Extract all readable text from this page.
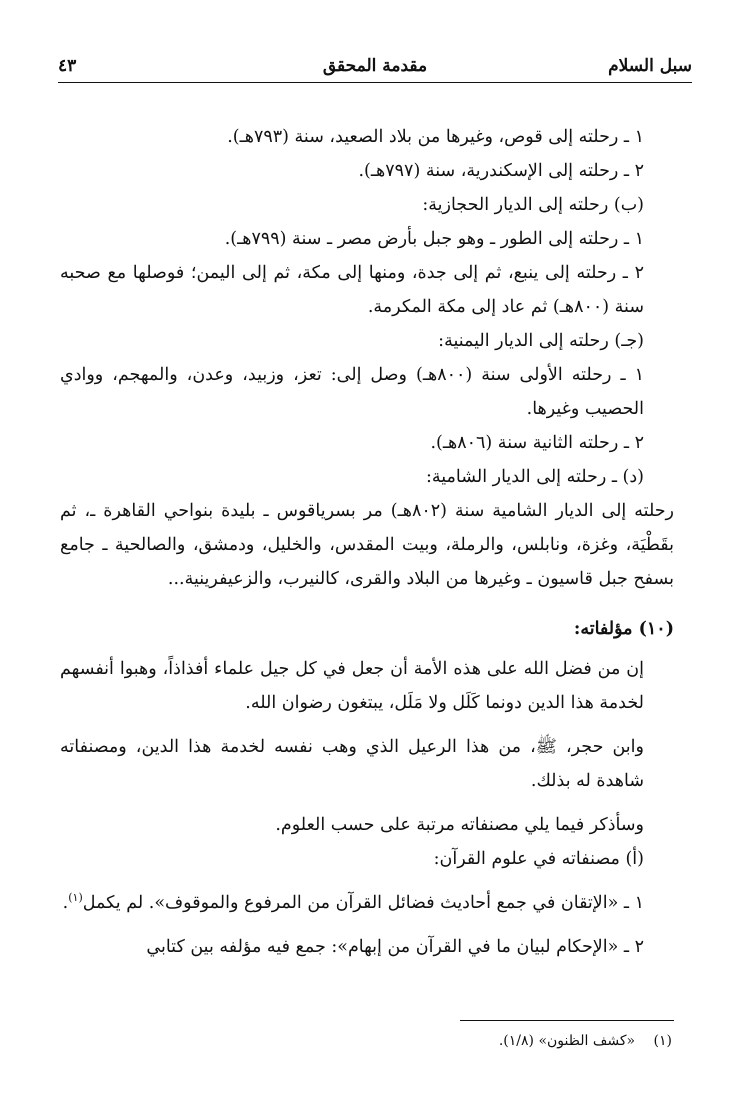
سبل السلام
مقدمة المحقق
٤٣

١ ـ رحلته إلى قوص، وغيرها من بلاد الصعيد، سنة (٧٩٣هـ).

٢ ـ رحلته إلى الإسكندرية، سنة (٧٩٧هـ).

(ب) رحلته إلى الديار الحجازية:

١ ـ رحلته إلى الطور ـ وهو جبل بأرض مصر ـ سنة (٧٩٩هـ).

٢ ـ رحلته إلى ينبع، ثم إلى جدة، ومنها إلى مكة، ثم إلى اليمن؛ فوصلها مع صحبه سنة (٨٠٠هـ) ثم عاد إلى مكة المكرمة.

(جـ) رحلته إلى الديار اليمنية:

١ ـ رحلته الأولى سنة (٨٠٠هـ) وصل إلى: تعز، وزبيد، وعدن، والمهجم، ووادي الحصيب وغيرها.

٢ ـ رحلته الثانية سنة (٨٠٦هـ).

(د) ـ رحلته إلى الديار الشامية:

رحلته إلى الديار الشامية سنة (٨٠٢هـ) مر بسرياقوس ـ بليدة بنواحي القاهرة ـ، ثم بقَطْيَة، وغزة، ونابلس، والرملة، وبيت المقدس، والخليل، ودمشق، والصالحية ـ جامع بسفح جبل قاسيون ـ وغيرها من البلاد والقرى، كالنيرب، والزعيفرينية...

(١٠) مؤلفاته:

إن من فضل الله على هذه الأمة أن جعل في كل جيل علماء أفذاذاً، وهبوا أنفسهم لخدمة هذا الدين دونما كَلَل ولا مَلَل، يبتغون رضوان الله.

وابن حجر، ﷺ، من هذا الرعيل الذي وهب نفسه لخدمة هذا الدين، ومصنفاته شاهدة له بذلك.

وسأذكر فيما يلي مصنفاته مرتبة على حسب العلوم.

(أ) مصنفاته في علوم القرآن:

١ ـ «الإتقان في جمع أحاديث فضائل القرآن من المرفوع والموقوف». لم يكمل$^{(١)}$.

٢ ـ «الإحكام لبيان ما في القرآن من إبهام»: جمع فيه مؤلفه بين كتابي

(١) «كشف الظنون» (١/٨).
